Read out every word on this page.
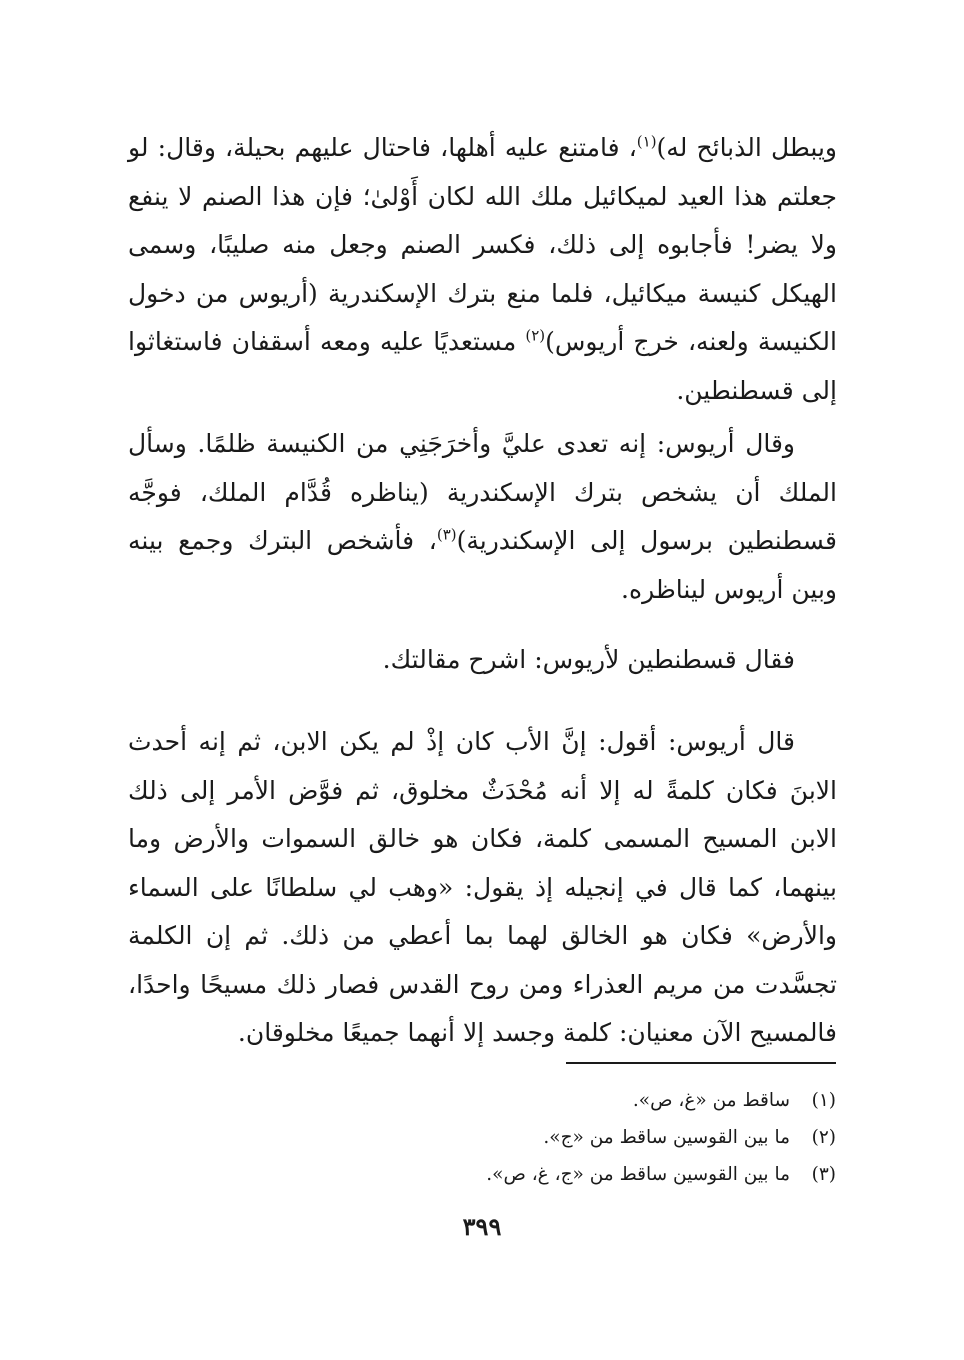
ويبطل الذبائح له)$^{(١)}$، فامتنع عليه أهلها، فاحتال عليهم بحيلة، وقال: لو جعلتم هذا العيد لميكائيل ملك الله لكان أَوْلىٰ؛ فإن هذا الصنم لا ينفع ولا يضر! فأجابوه إلى ذلك، فكسر الصنم وجعل منه صليبًا، وسمى الهيكل كنيسة ميكائيل، فلما منع بترك الإسكندرية (أريوس من دخول الكنيسة ولعنه، خرج أريوس)$^{(٢)}$ مستعديًا عليه ومعه أسقفان فاستغاثوا إلى قسطنطين.

وقال أريوس: إنه تعدى عليَّ وأخرَجَنِي من الكنيسة ظلمًا. وسأل الملك أن يشخص بترك الإسكندرية (يناظره قُدَّام الملك، فوجَّه قسطنطين برسول إلى الإسكندرية)$^{(٣)}$، فأشخص البترك وجمع بينه وبين أريوس ليناظره.

فقال قسطنطين لأريوس: اشرح مقالتك.

قال أريوس: أقول: إنَّ الأب كان إذْ لم يكن الابن، ثم إنه أحدث الابنَ فكان كلمةً له إلا أنه مُحْدَثٌ مخلوق، ثم فوَّض الأمر إلى ذلك الابن المسيح المسمى كلمة، فكان هو خالق السموات والأرض وما بينهما، كما قال في إنجيله إذ يقول: «وهب لي سلطانًا على السماء والأرض» فكان هو الخالق لهما بما أعطي من ذلك. ثم إن الكلمة تجسَّدت من مريم العذراء ومن روح القدس فصار ذلك مسيحًا واحدًا، فالمسيح الآن معنيان: كلمة وجسد إلا أنهما جميعًا مخلوقان.

(١)
ساقط من «غ، ص».
(٢)
ما بين القوسين ساقط من «ج».
(٣)
ما بين القوسين ساقط من «ج، غ، ص».
٣٩٩
